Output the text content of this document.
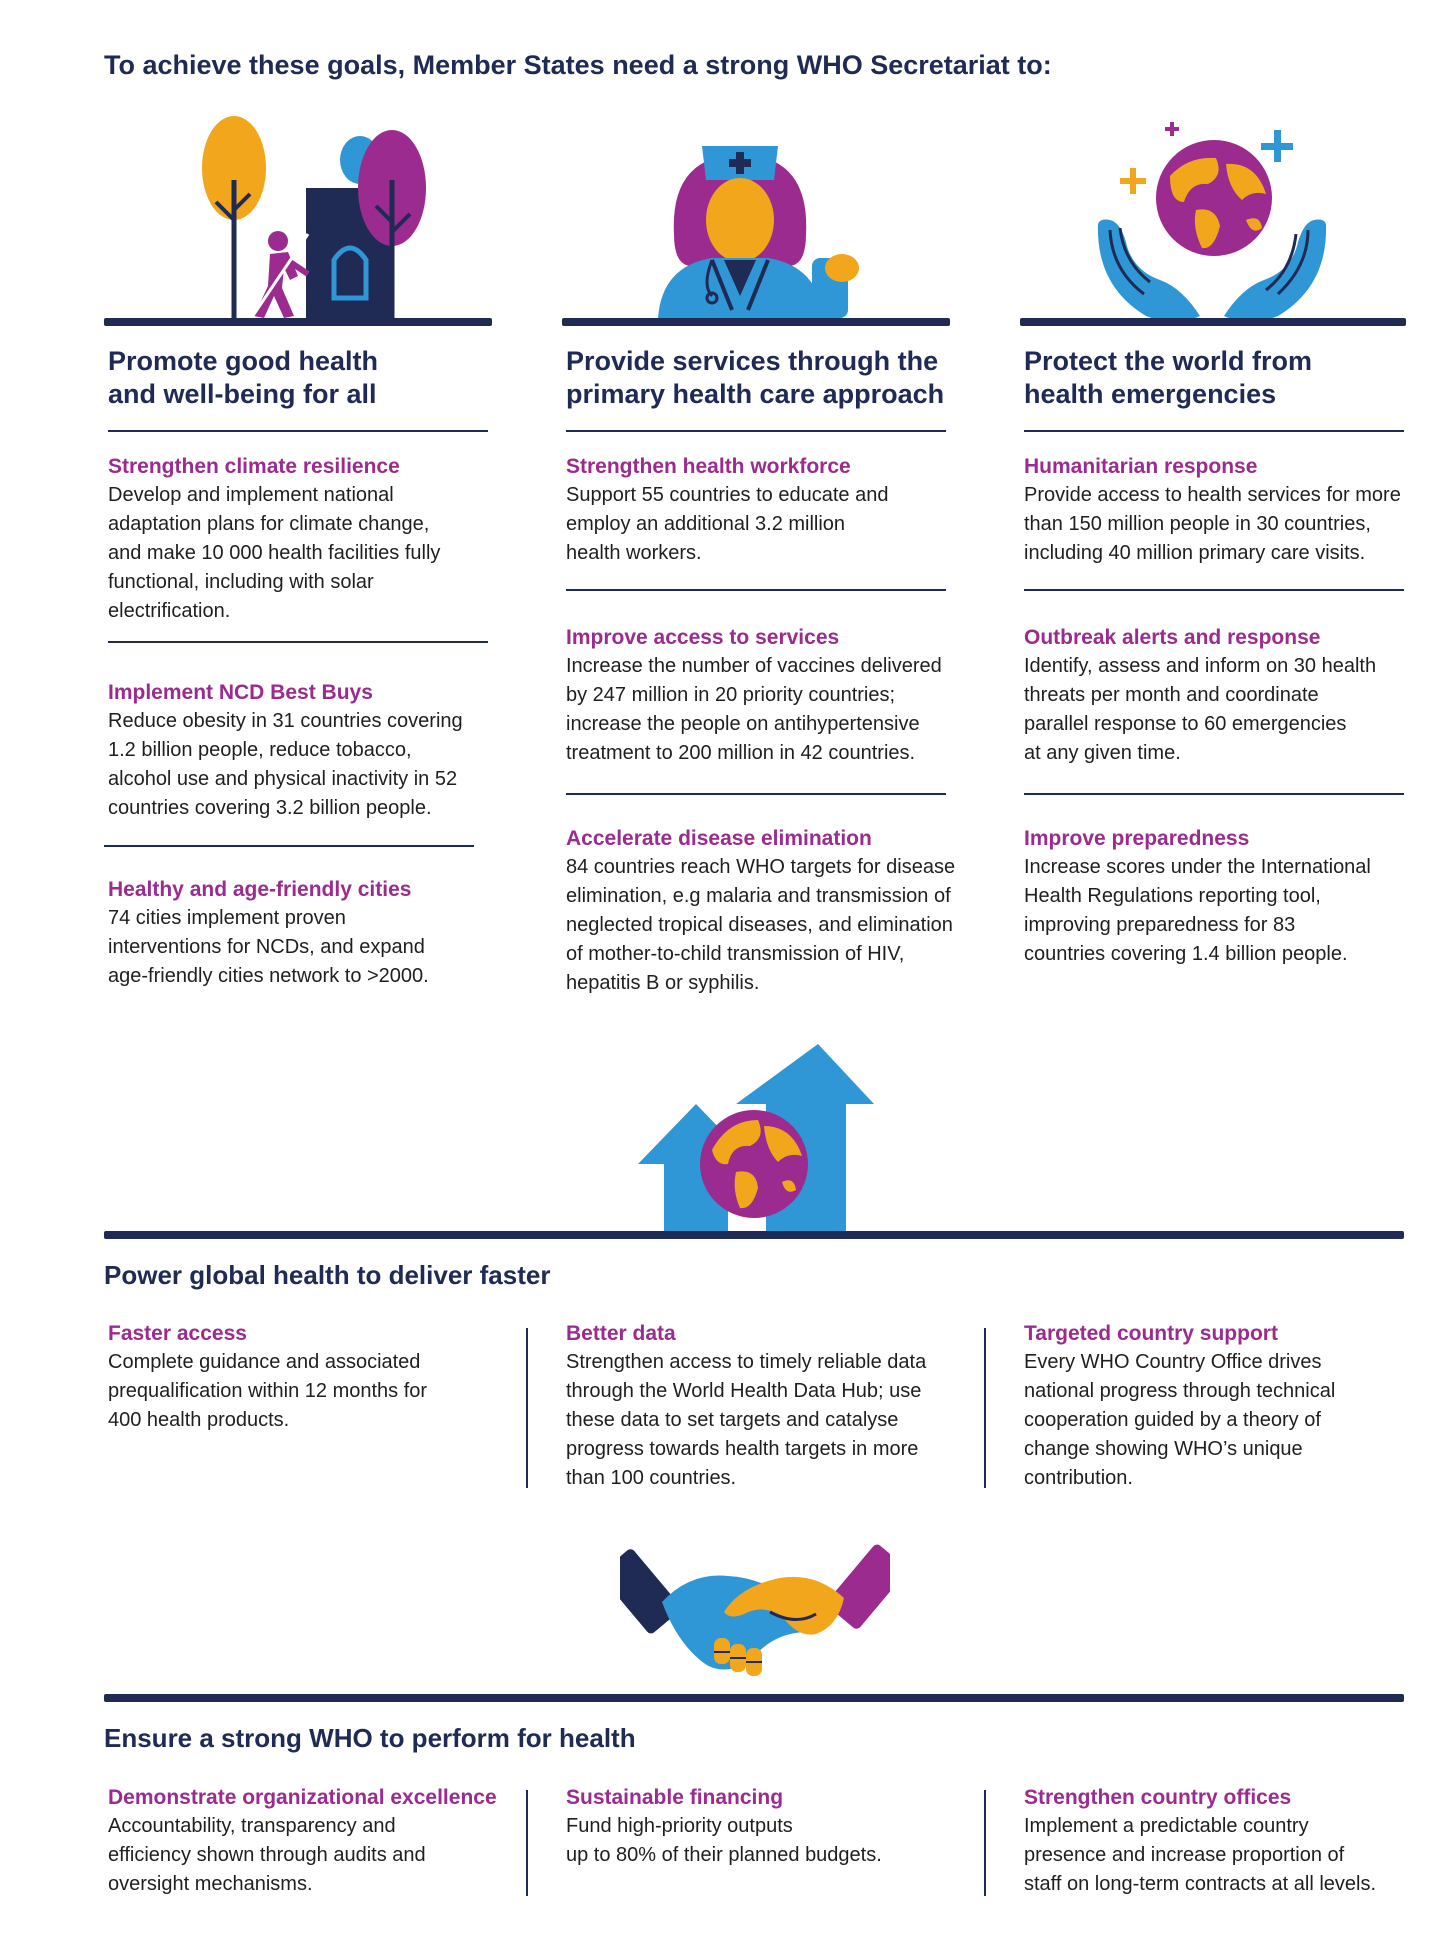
To achieve these goals, Member States need a strong WHO Secretariat to:
Promote good health
and well-being for all
Strengthen climate resilience
Develop and implement national
adaptation plans for climate change,
and make 10 000 health facilities fully
functional, including with solar
electrification.
Implement NCD Best Buys
Reduce obesity in 31 countries covering
1.2 billion people, reduce tobacco,
alcohol use and physical inactivity in 52
countries covering 3.2 billion people.
Healthy and age-friendly cities
74 cities implement proven
interventions for NCDs, and expand
age-friendly cities network to >2000.
Provide services through the
primary health care approach
Strengthen health workforce
Support 55 countries to educate and
employ an additional 3.2 million
health workers.
Improve access to services
Increase the number of vaccines delivered
by 247 million in 20 priority countries;
increase the people on antihypertensive
treatment to 200 million in 42 countries.
Accelerate disease elimination
84 countries reach WHO targets for disease
elimination, e.g malaria and transmission of
neglected tropical diseases, and elimination
of mother-to-child transmission of HIV,
hepatitis B or syphilis.
Protect the world from
health emergencies
Humanitarian response
Provide access to health services for more
than 150 million people in 30 countries,
including 40 million primary care visits.
Outbreak alerts and response
Identify, assess and inform on 30 health
threats per month and coordinate
parallel response to 60 emergencies
at any given time.
Improve preparedness
Increase scores under the International
Health Regulations reporting tool,
improving preparedness for 83
countries covering 1.4 billion people.
Power global health to deliver faster
Faster access
Complete guidance and associated
prequalification within 12 months for
400 health products.
Better data
Strengthen access to timely reliable data
through the World Health Data Hub; use
these data to set targets and catalyse
progress towards health targets in more
than 100 countries.
Targeted country support
Every WHO Country Office drives
national progress through technical
cooperation guided by a theory of
change showing WHO’s unique
contribution.
Ensure a strong WHO to perform for health
Demonstrate organizational excellence
Accountability, transparency and
efficiency shown through audits and
oversight mechanisms.
Sustainable financing
Fund high-priority outputs
up to 80% of their planned budgets.
Strengthen country offices
Implement a predictable country
presence and increase proportion of
staff on long-term contracts at all levels.
